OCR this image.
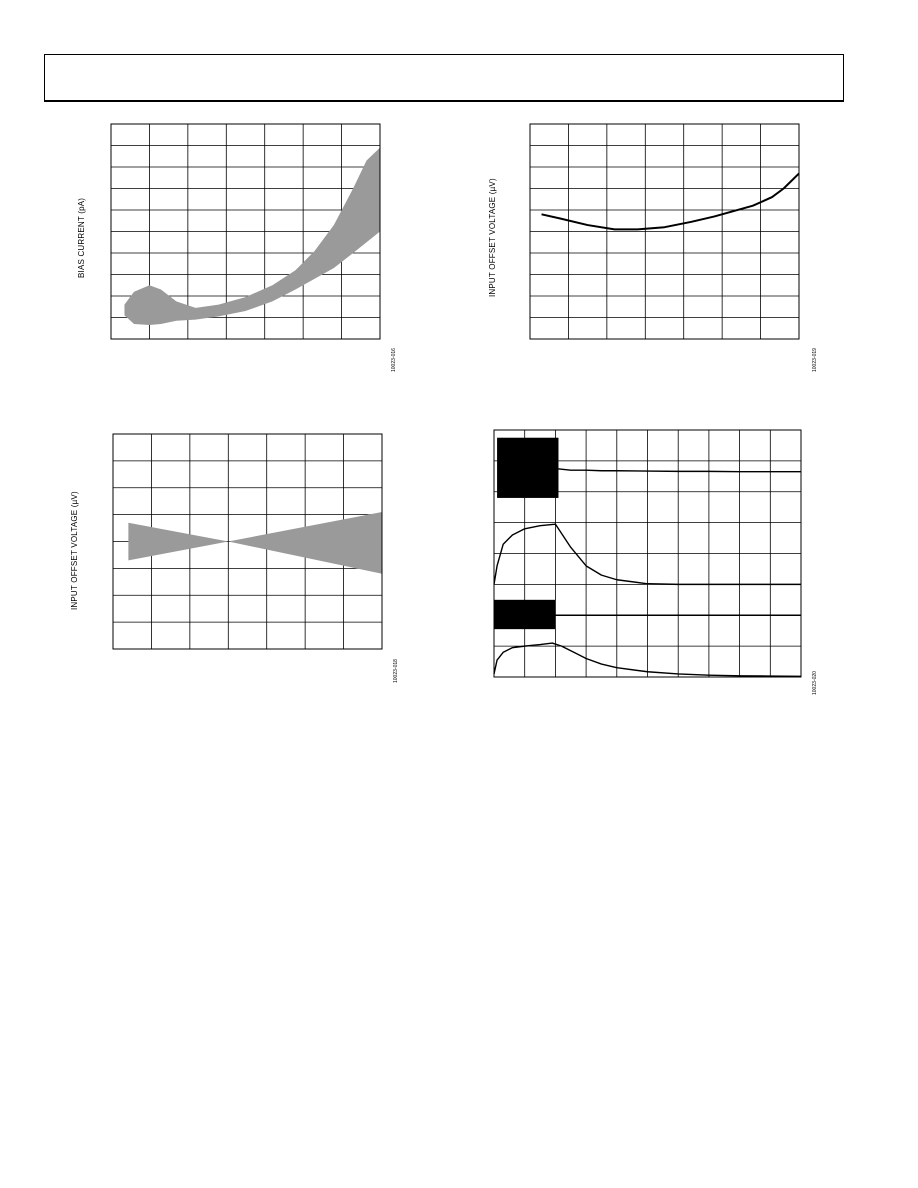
BIAS CURRENT (pA)
10023-016
INPUT OFFSET VOLTAGE (µV)
10023-019
INPUT OFFSET VOLTAGE (µV)
10023-018
10023-020
